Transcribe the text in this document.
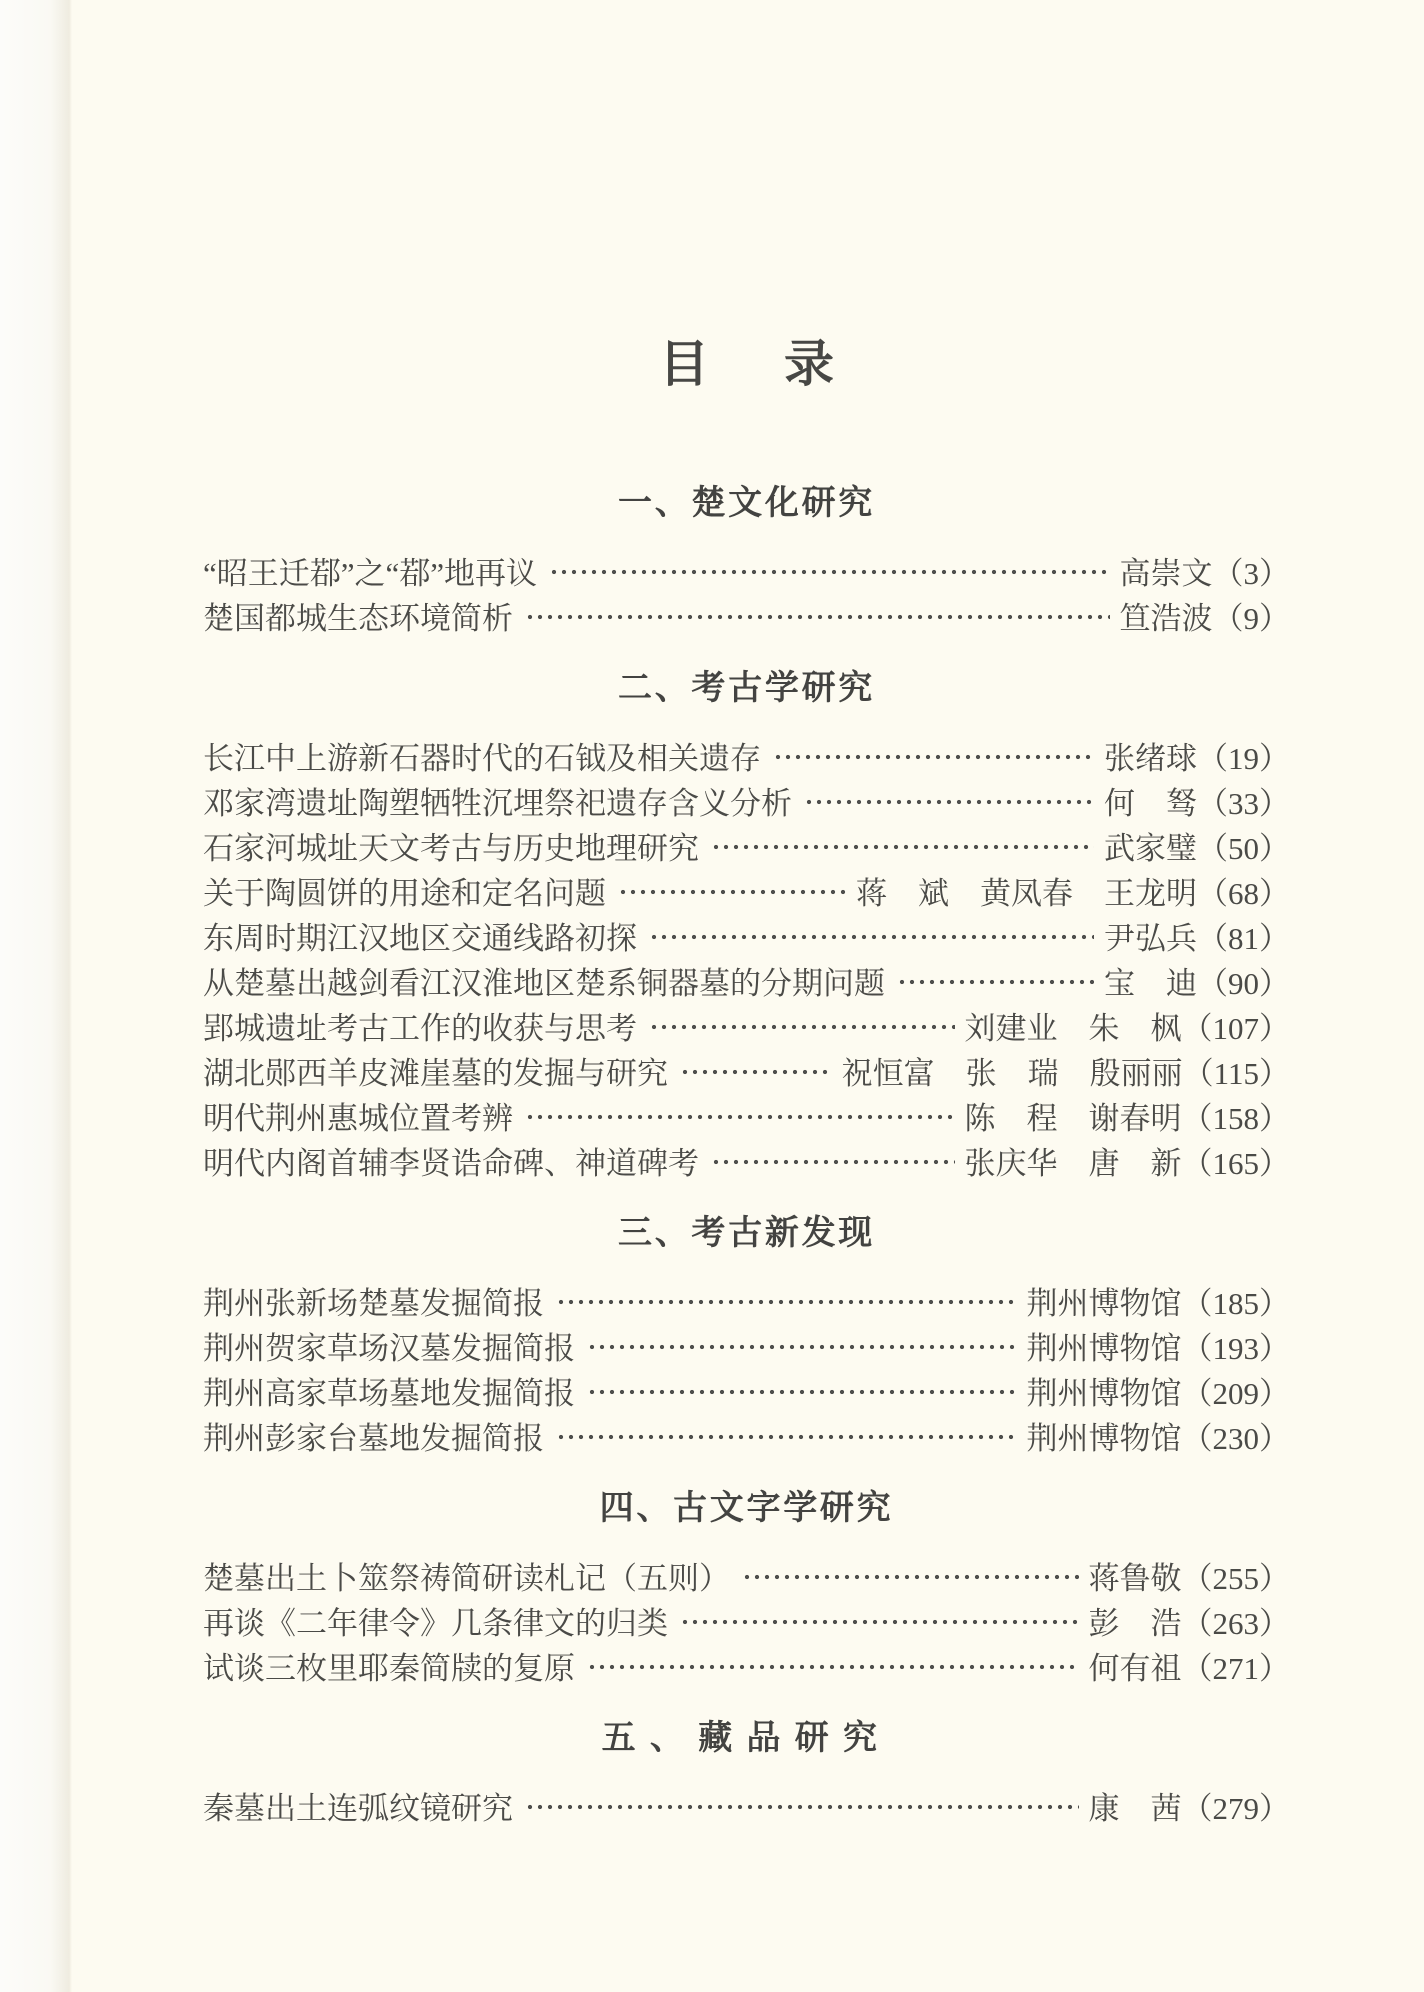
目录
一、楚文化研究
“昭王迁鄀”之“鄀”地再议	高崇文（3）
楚国都城生态环境简析	笪浩波（9）
二、考古学研究
长江中上游新石器时代的石钺及相关遗存	张绪球（19）
邓家湾遗址陶塑牺牲沉埋祭祀遗存含义分析	何　驽（33）
石家河城址天文考古与历史地理研究	武家璧（50）
关于陶圆饼的用途和定名问题	蒋　斌　黄凤春　王龙明（68）
东周时期江汉地区交通线路初探	尹弘兵（81）
从楚墓出越剑看江汉淮地区楚系铜器墓的分期问题	宝　迪（90）
郢城遗址考古工作的收获与思考	刘建业　朱　枫（107）
湖北郧西羊皮滩崖墓的发掘与研究	祝恒富　张　瑞　殷丽丽（115）
明代荆州惠城位置考辨	陈　程　谢春明（158）
明代内阁首辅李贤诰命碑、神道碑考	张庆华　唐　新（165）
三、考古新发现
荆州张新场楚墓发掘简报	荆州博物馆（185）
荆州贺家草场汉墓发掘简报	荆州博物馆（193）
荆州高家草场墓地发掘简报	荆州博物馆（209）
荆州彭家台墓地发掘简报	荆州博物馆（230）
四、古文字学研究
楚墓出土卜筮祭祷简研读札记（五则）	蒋鲁敬（255）
再谈《二年律令》几条律文的归类	彭　浩（263）
试谈三枚里耶秦简牍的复原	何有祖（271）
五、藏品研究
秦墓出土连弧纹镜研究	康　茜（279）
